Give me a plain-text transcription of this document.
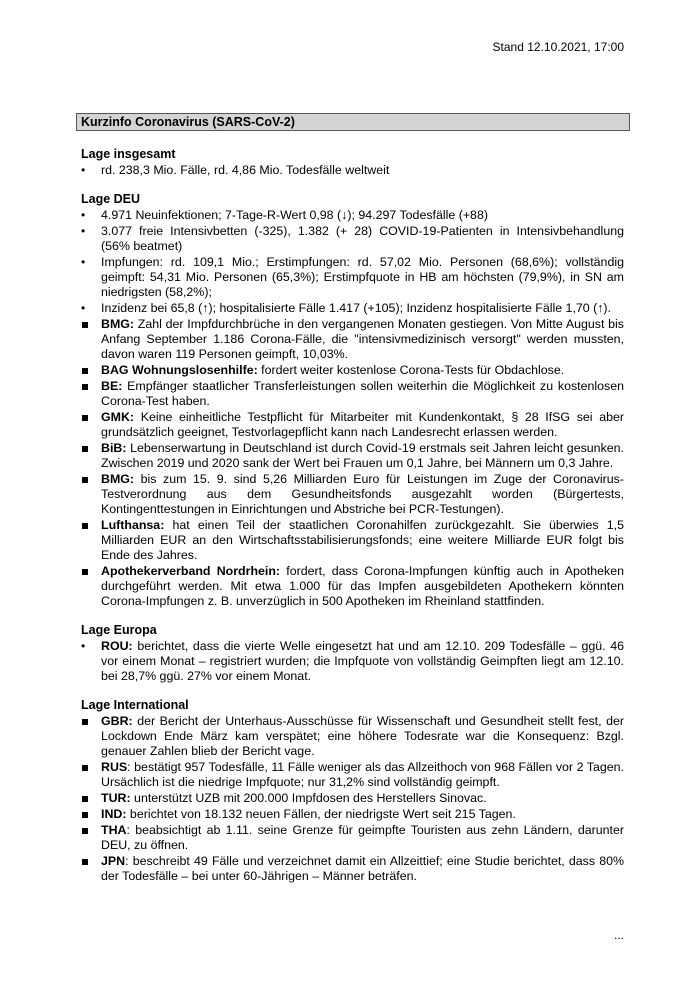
Stand 12.10.2021, 17:00
Kurzinfo Coronavirus (SARS-CoV-2)
Lage insgesamt
• rd. 238,3 Mio. Fälle, rd. 4,86 Mio. Todesfälle weltweit
Lage DEU
• 4.971 Neuinfektionen; 7-Tage-R-Wert 0,98 (↓); 94.297 Todesfälle (+88)
• 3.077 freie Intensivbetten (-325), 1.382 (+ 28) COVID-19-Patienten in Intensivbehandlung (56% beatmet)
• Impfungen: rd. 109,1 Mio.; Erstimpfungen: rd. 57,02 Mio. Personen (68,6%); vollständig geimpft: 54,31 Mio. Personen (65,3%); Erstimpfquote in HB am höchsten (79,9%), in SN am niedrigsten (58,2%);
• Inzidenz bei 65,8 (↑); hospitalisierte Fälle 1.417 (+105); Inzidenz hospitalisierte Fälle 1,70 (↑).
BMG: Zahl der Impfdurchbrüche in den vergangenen Monaten gestiegen. Von Mitte August bis Anfang September 1.186 Corona-Fälle, die "intensivmedizinisch versorgt" werden mussten, davon waren 119 Personen geimpft, 10,03%.
BAG Wohnungslosenhilfe: fordert weiter kostenlose Corona-Tests für Obdachlose.
BE: Empfänger staatlicher Transferleistungen sollen weiterhin die Möglichkeit zu kostenlosen Corona-Test haben.
GMK: Keine einheitliche Testpflicht für Mitarbeiter mit Kundenkontakt, § 28 IfSG sei aber grundsätzlich geeignet, Testvorlagepflicht kann nach Landesrecht erlassen werden.
BiB: Lebenserwartung in Deutschland ist durch Covid-19 erstmals seit Jahren leicht gesunken. Zwischen 2019 und 2020 sank der Wert bei Frauen um 0,1 Jahre, bei Männern um 0,3 Jahre.
BMG: bis zum 15. 9. sind 5,26 Milliarden Euro für Leistungen im Zuge der Coronavirus-Testverordnung aus dem Gesundheitsfonds ausgezahlt worden (Bürgertests, Kontingenttestungen in Einrichtungen und Abstriche bei PCR-Testungen).
Lufthansa: hat einen Teil der staatlichen Coronahilfen zurückgezahlt. Sie überwies 1,5 Milliarden EUR an den Wirtschaftsstabilisierungsfonds; eine weitere Milliarde EUR folgt bis Ende des Jahres.
Apothekerverband Nordrhein: fordert, dass Corona-Impfungen künftig auch in Apotheken durchgeführt werden. Mit etwa 1.000 für das Impfen ausgebildeten Apothekern könnten Corona-Impfungen z. B. unverzüglich in 500 Apotheken im Rheinland stattfinden.
Lage Europa
• ROU: berichtet, dass die vierte Welle eingesetzt hat und am 12.10. 209 Todesfälle – ggü. 46 vor einem Monat – registriert wurden; die Impfquote von vollständig Geimpften liegt am 12.10. bei 28,7% ggü. 27% vor einem Monat.
Lage International
GBR: der Bericht der Unterhaus-Ausschüsse für Wissenschaft und Gesundheit stellt fest, der Lockdown Ende März kam verspätet; eine höhere Todesrate war die Konsequenz: Bzgl. genauer Zahlen blieb der Bericht vage.
RUS: bestätigt 957 Todesfälle, 11 Fälle weniger als das Allzeithoch von 968 Fällen vor 2 Tagen. Ursächlich ist die niedrige Impfquote; nur 31,2% sind vollständig geimpft.
TUR: unterstützt UZB mit 200.000 Impfdosen des Herstellers Sinovac.
IND: berichtet von 18.132 neuen Fällen, der niedrigste Wert seit 215 Tagen.
THA: beabsichtigt ab 1.11. seine Grenze für geimpfte Touristen aus zehn Ländern, darunter DEU, zu öffnen.
JPN: beschreibt 49 Fälle und verzeichnet damit ein Allzeittief; eine Studie berichtet, dass 80% der Todesfälle – bei unter 60-Jährigen – Männer beträfen.
...
